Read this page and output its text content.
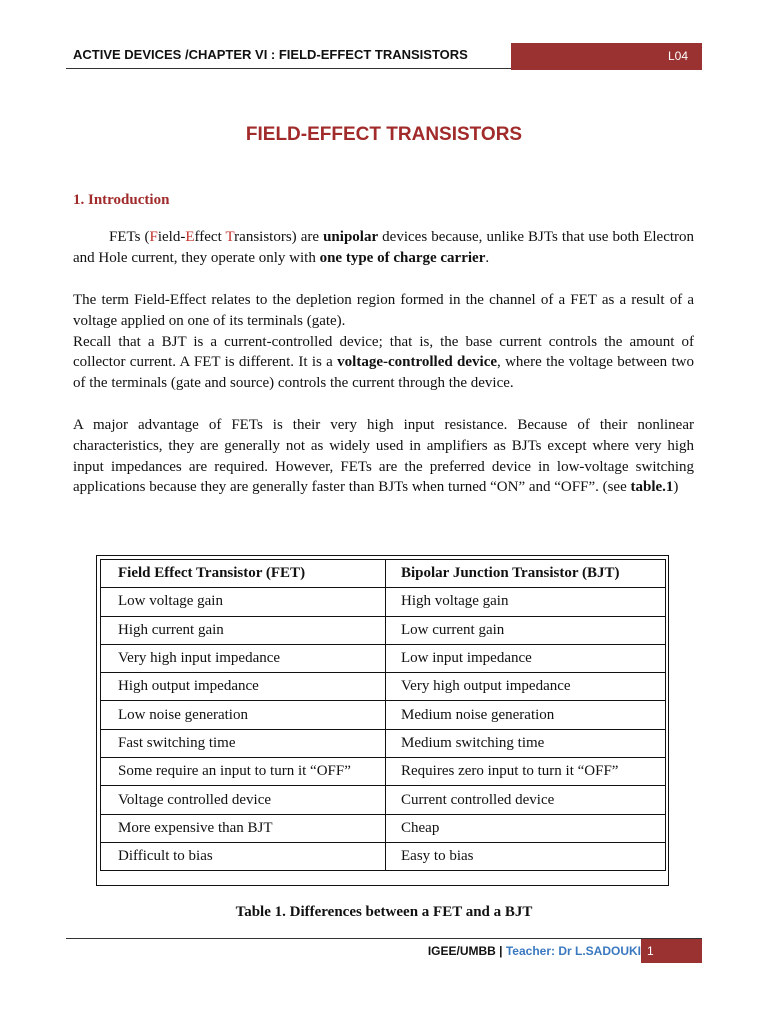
ACTIVE DEVICES /CHAPTER VI : FIELD-EFFECT TRANSISTORS	L04
FIELD-EFFECT TRANSISTORS
1. Introduction
FETs (Field-Effect Transistors) are unipolar devices because, unlike BJTs that use both Electron and Hole current, they operate only with one type of charge carrier.
The term Field-Effect relates to the depletion region formed in the channel of a FET as a result of a voltage applied on one of its terminals (gate).
Recall that a BJT is a current-controlled device; that is, the base current controls the amount of collector current. A FET is different. It is a voltage-controlled device, where the voltage between two of the terminals (gate and source) controls the current through the device.
A major advantage of FETs is their very high input resistance. Because of their nonlinear characteristics, they are generally not as widely used in amplifiers as BJTs except where very high input impedances are required. However, FETs are the preferred device in low-voltage switching applications because they are generally faster than BJTs when turned “ON” and “OFF”. (see table.1)
Field Effect Transistor (FET)	Bipolar Junction Transistor (BJT)
Low voltage gain	High voltage gain
High current gain	Low current gain
Very high input impedance	Low input impedance
High output impedance	Very high output impedance
Low noise generation	Medium noise generation
Fast switching time	Medium switching time
Some require an input to turn it “OFF”	Requires zero input to turn it “OFF”
Voltage controlled device	Current controlled device
More expensive than BJT	Cheap
Difficult to bias	Easy to bias
Table 1. Differences between a FET and a BJT
IGEE/UMBB | Teacher: Dr L.SADOUKI 1
